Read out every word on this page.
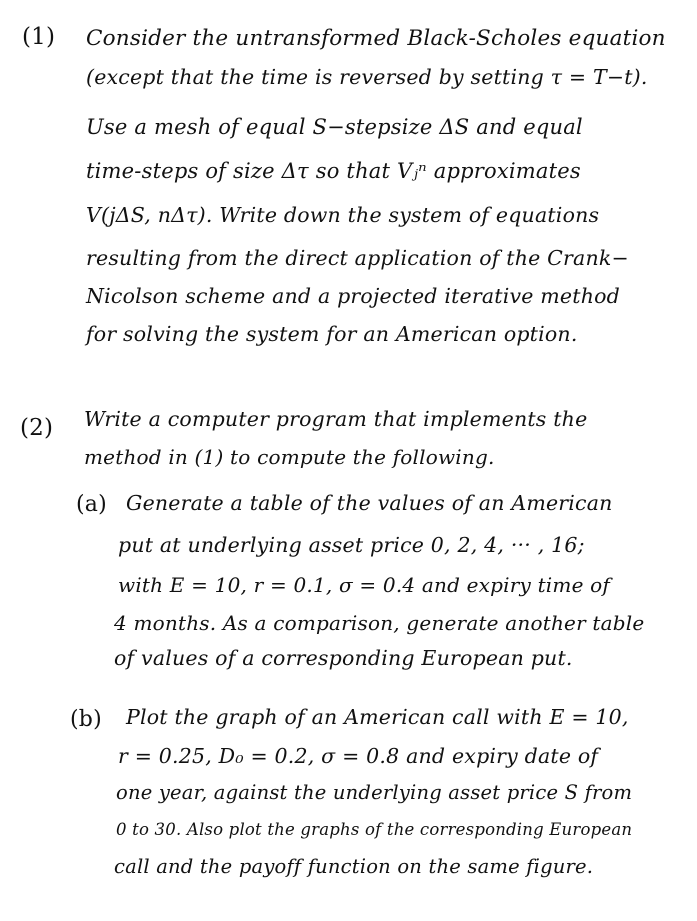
(1) Consider the untransformed Black-Scholes equation
(except that the time is reversed by setting τ = T−t).
Use a mesh of equal S−stepsize ΔS and equal
time-steps of size Δτ so that Vⱼⁿ approximates
V(jΔS, nΔτ). Write down the system of equations
resulting from the direct application of the Crank−
Nicolson scheme and a projected iterative method
for solving the system for an American option.
(2) Write a computer program that implements the
method in (1) to compute the following.
(a) Generate a table of the values of an American
put at underlying asset price 0, 2, 4, ··· , 16;
with E = 10, r = 0.1, σ = 0.4 and expiry time of
4 months. As a comparison, generate another table
of values of a corresponding European put.
(b) Plot the graph of an American call with E = 10,
r = 0.25, D₀ = 0.2, σ = 0.8 and expiry date of
one year, against the underlying asset price S from
0 to 30. Also plot the graphs of the corresponding European
call and the payoff function on the same figure.
